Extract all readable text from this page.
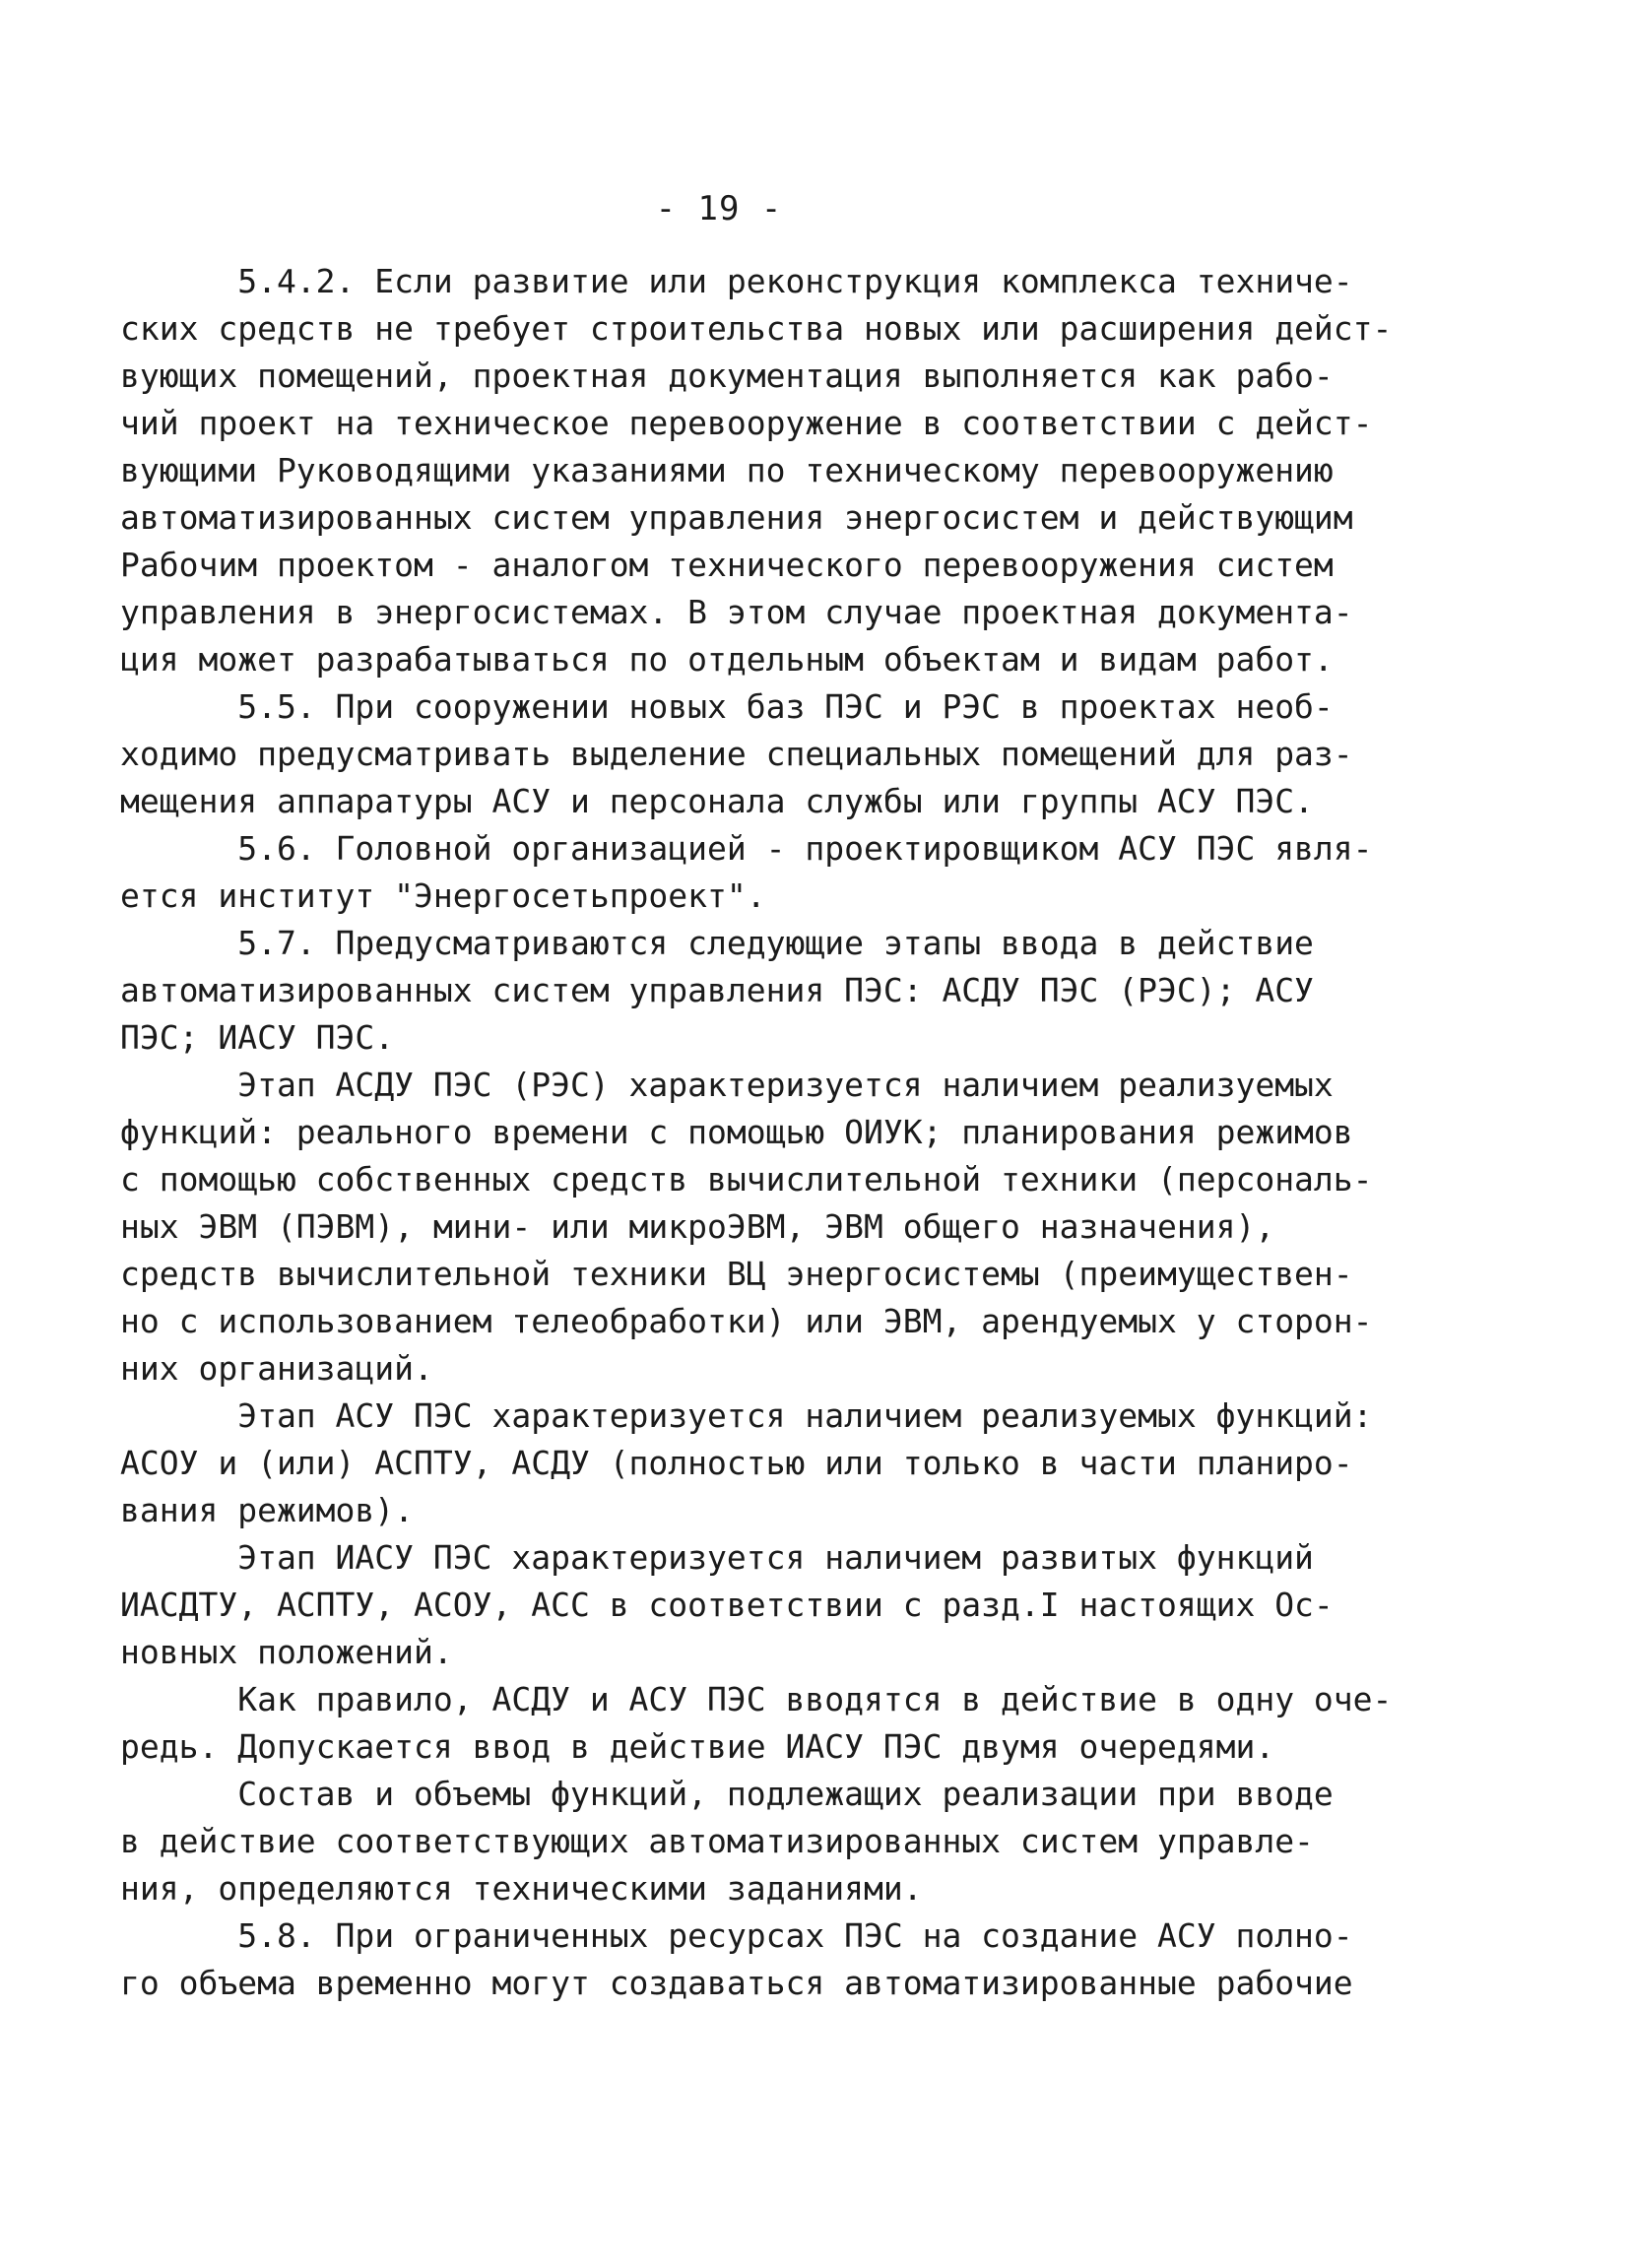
- 19 -
5.4.2. Если развитие или реконструкция комплекса техниче-
ских средств не требует строительства новых или расширения дейст-
вующих помещений, проектная документация выполняется как рабо-
чий проект на техническое перевооружение в соответствии с дейст-
вующими Руководящими указаниями по техническому перевооружению
автоматизированных систем управления энергосистем и действующим
Рабочим проектом - аналогом технического перевооружения систем
управления в энергосистемах. В этом случае проектная документа-
ция может разрабатываться по отдельным объектам и видам работ.
5.5. При сооружении новых баз ПЭС и РЭС в проектах необ-
ходимо предусматривать выделение специальных помещений для раз-
мещения аппаратуры АСУ и персонала службы или группы АСУ ПЭС.
5.6. Головной организацией - проектировщиком АСУ ПЭС явля-
ется институт "Энергосетьпроект".
5.7. Предусматриваются следующие этапы ввода в действие
автоматизированных систем управления ПЭС: АСДУ ПЭС (РЭС); АСУ
ПЭС; ИАСУ ПЭС.
Этап АСДУ ПЭС (РЭС) характеризуется наличием реализуемых
функций: реального времени с помощью ОИУК; планирования режимов
с помощью собственных средств вычислительной техники (персональ-
ных ЭВМ (ПЭВМ), мини- или микроЭВМ, ЭВМ общего назначения),
средств вычислительной техники ВЦ энергосистемы (преимуществен-
но с использованием телеобработки) или ЭВМ, арендуемых у сторон-
них организаций.
Этап АСУ ПЭС характеризуется наличием реализуемых функций:
АСОУ и (или) АСПТУ, АСДУ (полностью или только в части планиро-
вания режимов).
Этап ИАСУ ПЭС характеризуется наличием развитых функций
ИАСДТУ, АСПТУ, АСОУ, АСС в соответствии с разд.I настоящих Ос-
новных положений.
Как правило, АСДУ и АСУ ПЭС вводятся в действие в одну оче-
редь. Допускается ввод в действие ИАСУ ПЭС двумя очередями.
Состав и объемы функций, подлежащих реализации при вводе
в действие соответствующих автоматизированных систем управле-
ния, определяются техническими заданиями.
5.8. При ограниченных ресурсах ПЭС на создание АСУ полно-
го объема временно могут создаваться автоматизированные рабочие
